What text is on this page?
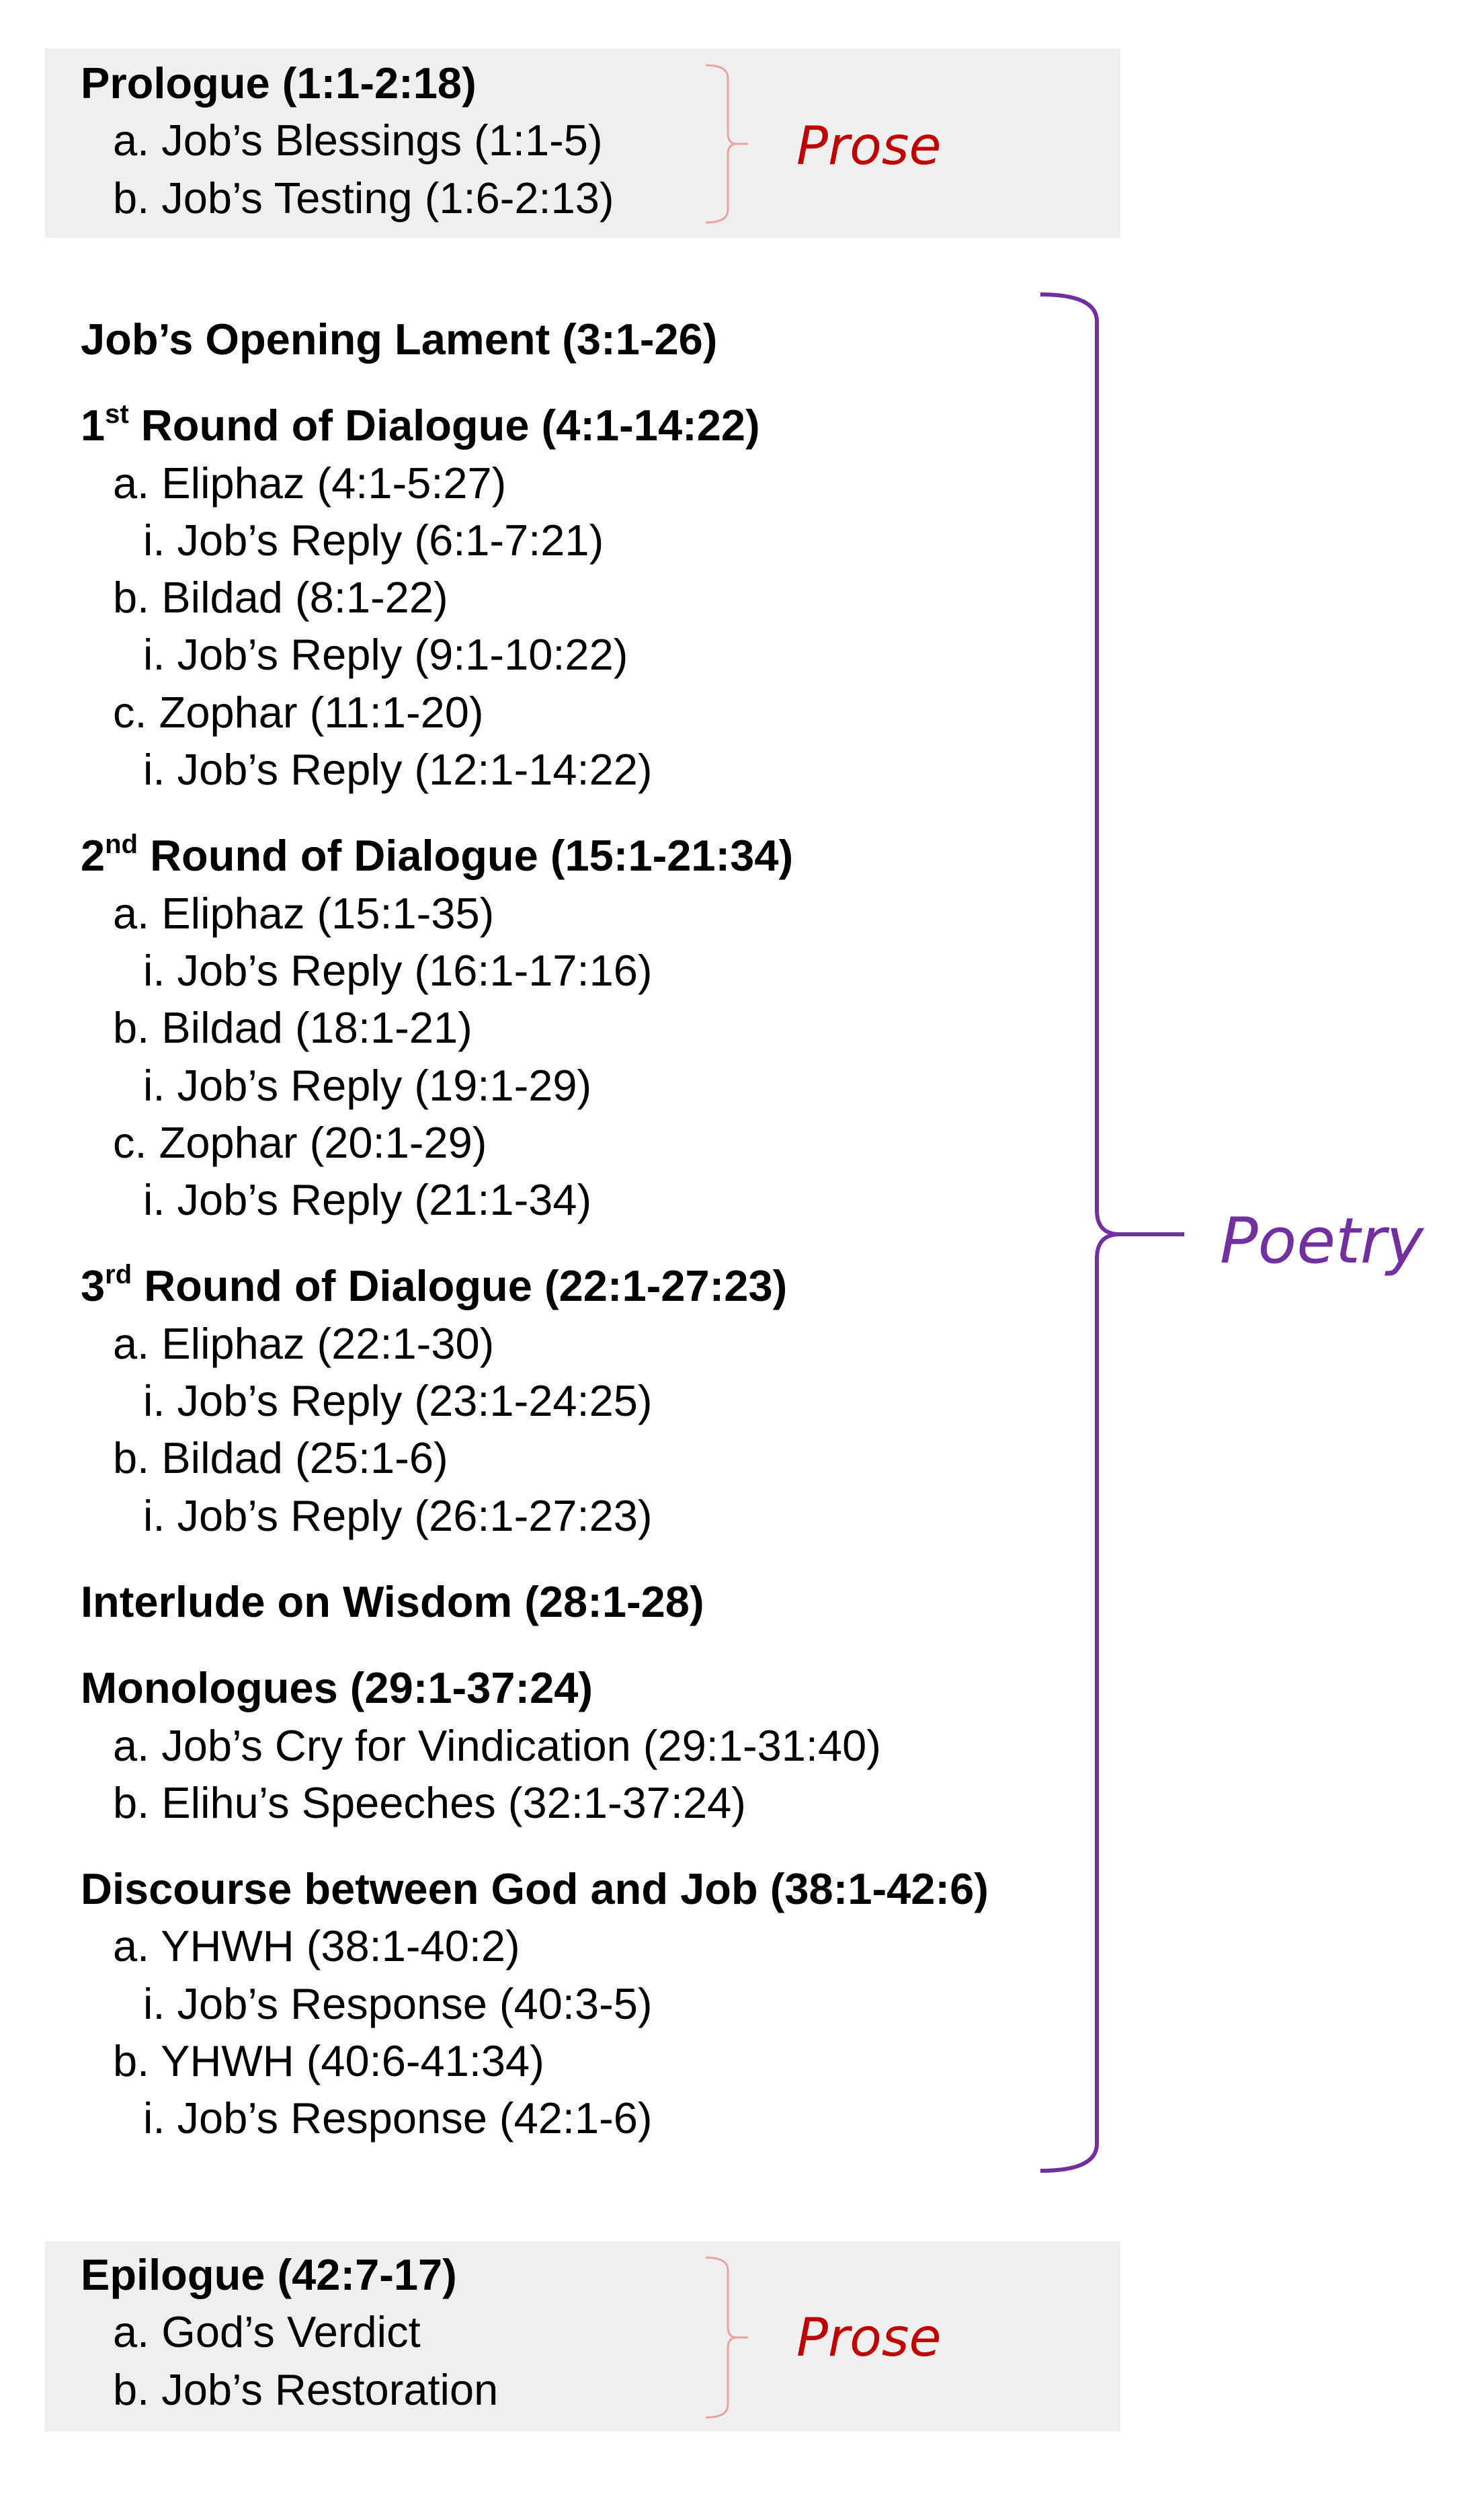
Prologue (1:1-2:18)
a. Job’s Blessings (1:1-5)
b. Job’s Testing (1:6-2:13)
Job’s Opening Lament (3:1-26)
1st Round of Dialogue (4:1-14:22)
a. Eliphaz (4:1-5:27)
i. Job’s Reply (6:1-7:21)
b. Bildad (8:1-22)
i. Job’s Reply (9:1-10:22)
c. Zophar (11:1-20)
i. Job’s Reply (12:1-14:22)
2nd Round of Dialogue (15:1-21:34)
a. Eliphaz (15:1-35)
i. Job’s Reply (16:1-17:16)
b. Bildad (18:1-21)
i. Job’s Reply (19:1-29)
c. Zophar (20:1-29)
i. Job’s Reply (21:1-34)
3rd Round of Dialogue (22:1-27:23)
a. Eliphaz (22:1-30)
i. Job’s Reply (23:1-24:25)
b. Bildad (25:1-6)
i. Job’s Reply (26:1-27:23)
Interlude on Wisdom (28:1-28)
Monologues (29:1-37:24)
a. Job’s Cry for Vindication (29:1-31:40)
b. Elihu’s Speeches (32:1-37:24)
Discourse between God and Job (38:1-42:6)
a. YHWH (38:1-40:2)
i. Job’s Response (40:3-5)
b. YHWH (40:6-41:34)
i. Job’s Response (42:1-6)
Epilogue (42:7-17)
a. God’s Verdict
b. Job’s Restoration
Prose
Poetry
Prose
